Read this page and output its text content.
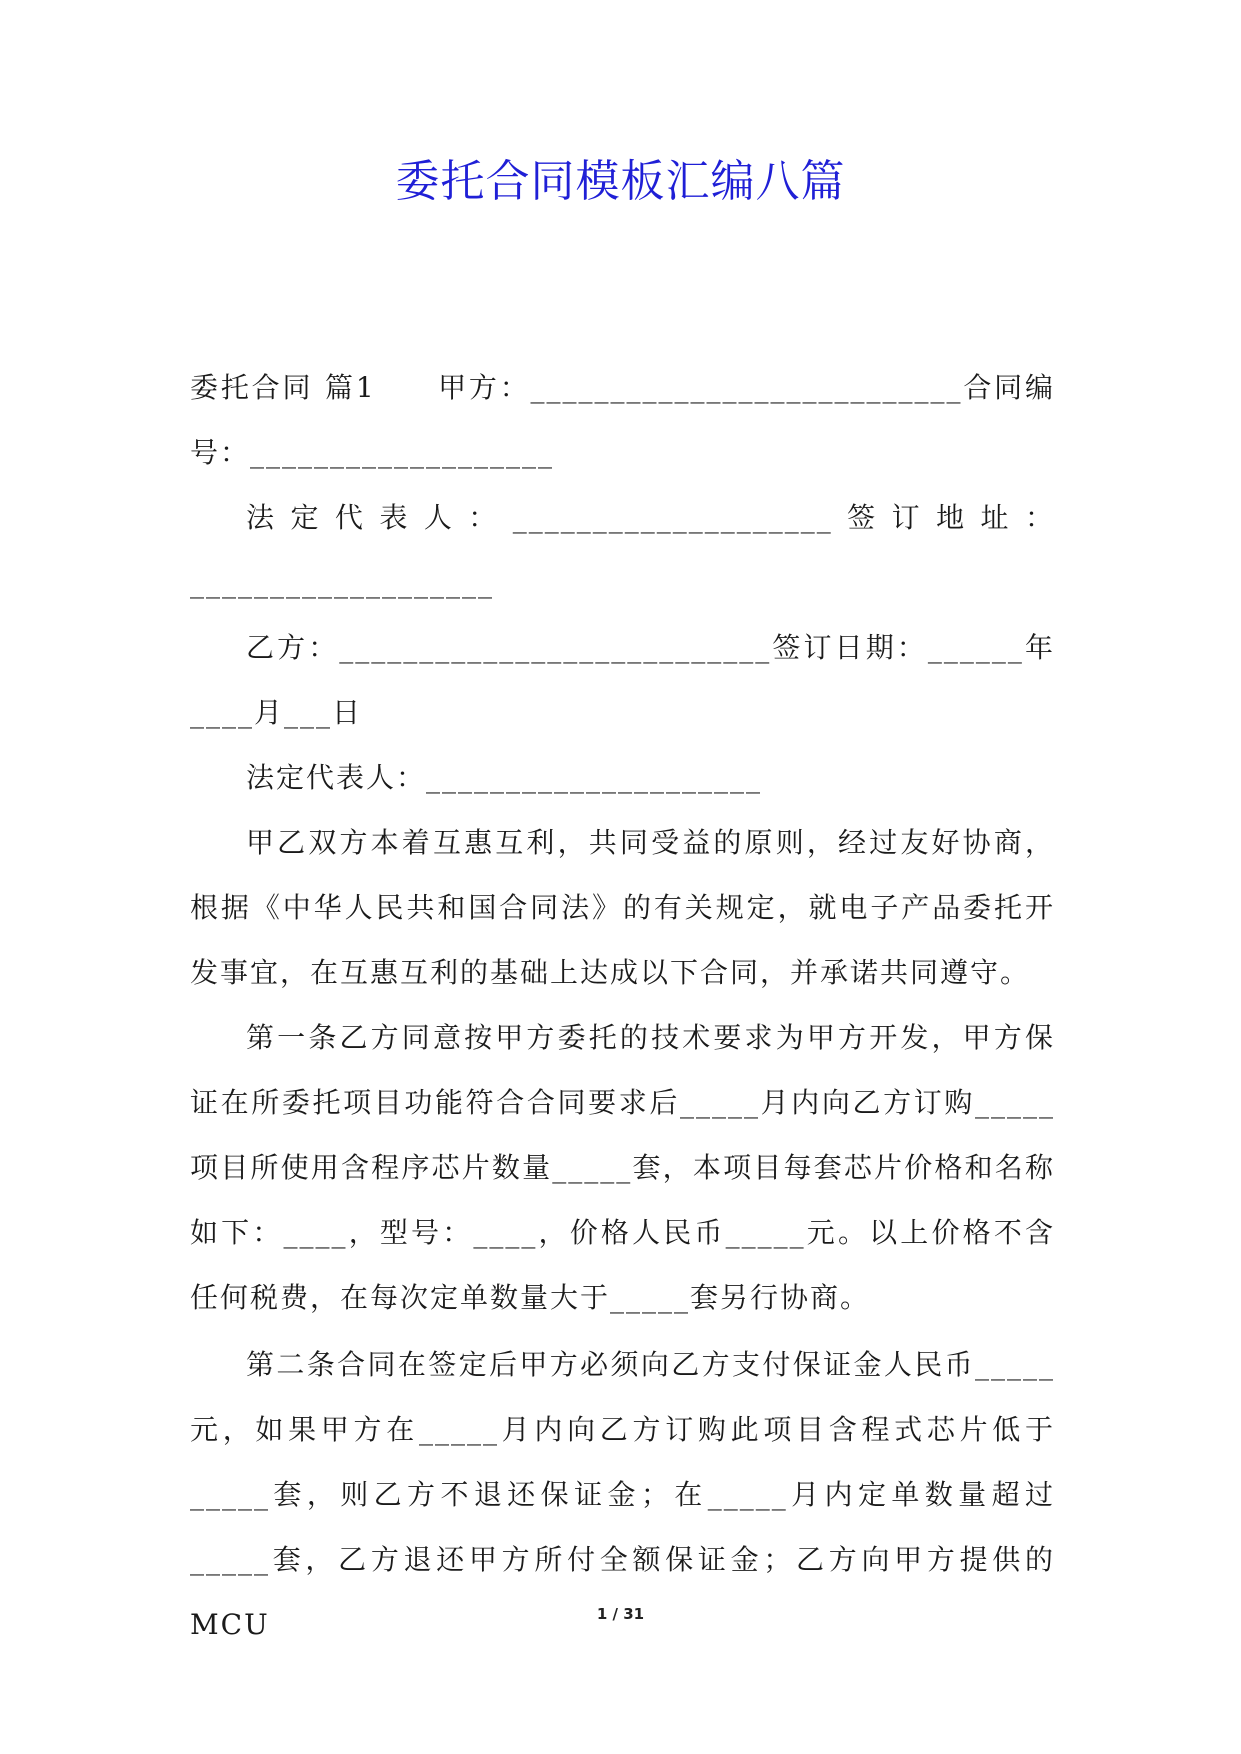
委托合同模板汇编八篇

委托合同 篇1　　甲方：___________________________合同编号：___________________

法定代表人：____________________签订地址：___________________

乙方：___________________________签订日期：______年____月___日

法定代表人：_____________________

甲乙双方本着互惠互利，共同受益的原则，经过友好协商，根据《中华人民共和国合同法》的有关规定，就电子产品委托开发事宜，在互惠互利的基础上达成以下合同，并承诺共同遵守。

第一条乙方同意按甲方委托的技术要求为甲方开发，甲方保证在所委托项目功能符合合同要求后_____月内向乙方订购_____项目所使用含程序芯片数量_____套，本项目每套芯片价格和名称如下：____，型号：____，价格人民币_____元。以上价格不含任何税费，在每次定单数量大于_____套另行协商。

第二条合同在签定后甲方必须向乙方支付保证金人民币_____元，如果甲方在_____月内向乙方订购此项目含程式芯片低于_____套，则乙方不退还保证金；在_____月内定单数量超过_____套，乙方退还甲方所付全额保证金；乙方向甲方提供的MCU	1 / 31
